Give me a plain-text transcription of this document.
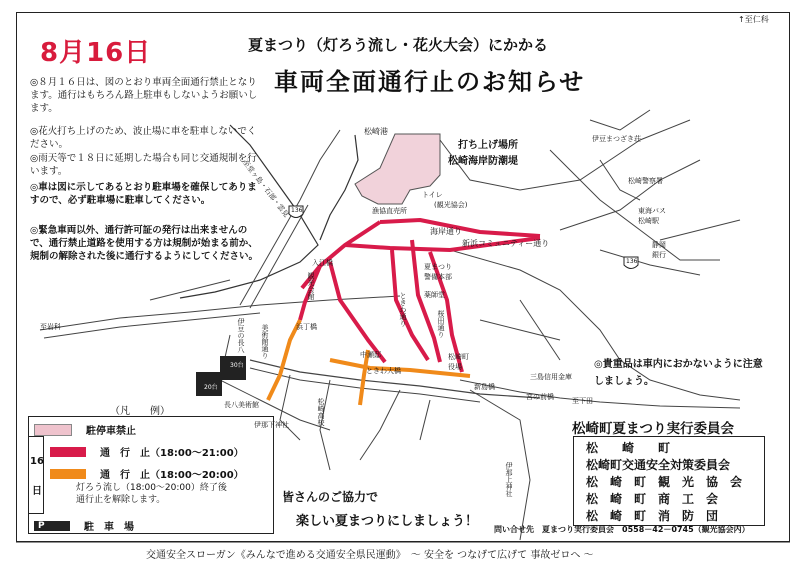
8月16日	夏まつり（灯ろう流し・花火大会）にかかる
車両全面通行止のお知らせ
↑至仁科
◎８月１６日は、図のとおり車両全面通行禁止となります。通行はもちろん路上駐車もしないようお願いします。
◎花火打ち上げのため、波止場に車を駐車しないでください。
◎雨天等で１８日に延期した場合も同じ交通規制を行います。
◎車は図に示してあるとおり駐車場を確保してありますので、必ず駐車場に駐車してください。
◎緊急車両以外、通行許可証の発行は出来ませんので、通行禁止道路を使用する方は規制が始まる前か、規制の解除された後に通行するようにしてください。
打ち上げ場所
松崎海岸防潮堤
松崎港
海岸通り
新浜コミュニティー通り
至堂ヶ島・石部・雲見 136
136
至岩科
至下田
漁協直売所
トイレ
(観光協会)
夏まつり警備本部
薬師堂
入江橋
浜丁橋
ときわ大橋
中瀬邸
新島橋
宮の前橋
松崎町役場
三島信用金庫
松崎警察署
東海バス松崎駅
静岡銀行
伊豆まつざき荘
長八美術館
伊豆の長八 美術館通り
30台
20台
伊那下神社
伊那上神社
松崎高校
観光会館
桜田通り
ときわ通り
◎貴重品は車内におかないように注意しましょう。
（凡　　例）
16
日
駐停車禁止
通　行　止（18:00～21:00）
通　行　止（18:00～20:00）
灯ろう流し（18:00～20:00）終了後
通行止を解除します。
P	駐　車　場
皆さんのご協力で
楽しい夏まつりにしましょう！
松崎町夏まつり実行委員会
松　　崎　　町
松崎町交通安全対策委員会
松　崎　町　観　光　協　会
松　崎　町　商　工　会
松　崎　町　消　防　団
問い合せ先　夏まつり実行委員会　0558－42－0745（観光協会内）
交通安全スローガン《みんなで進める交通安全県民運動》　～ 安全を つなげて広げて 事故ゼロへ ～
